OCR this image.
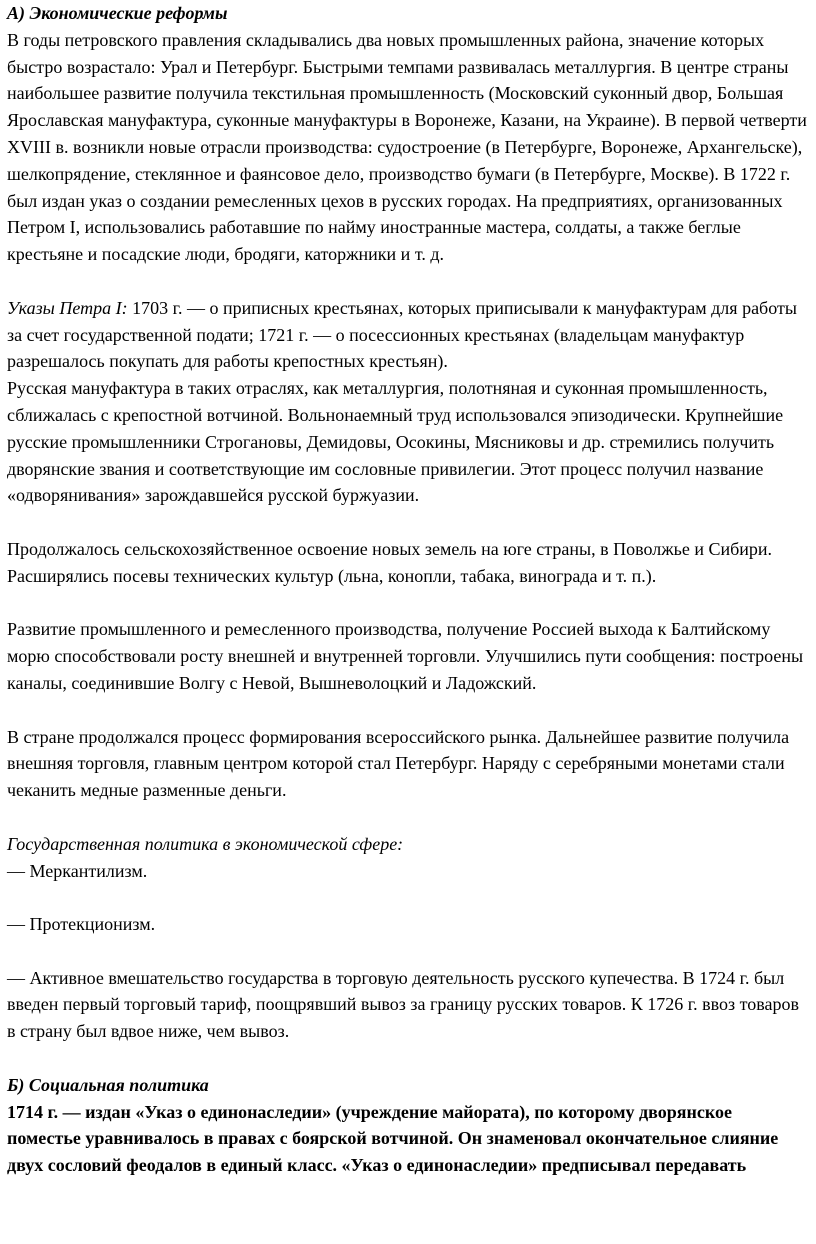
А) Экономические реформы

В годы петровского правления складывались два новых промышленных района, значение которых быстро возрастало: Урал и Петербург. Быстрыми темпами развивалась металлургия. В центре страны наибольшее развитие получила текстильная промышленность (Московский суконный двор, Большая Ярославская мануфактура, суконные мануфактуры в Воронеже, Казани, на Украине). В первой четверти XVIII в. возникли новые отрасли производства: судостроение (в Петербурге, Воронеже, Архангельске), шелкопрядение, стеклянное и фаянсовое дело, производство бумаги (в Петербурге, Москве). В 1722 г. был издан указ о создании ремесленных цехов в русских городах. На предприятиях, организованных Петром I, использовались работавшие по найму иностранные мастера, солдаты, а также беглые крестьяне и посадские люди, бродяги, каторжники и т. д.

Указы Петра I: 1703 г. — о приписных крестьянах, которых приписывали к мануфактурам для работы за счет государственной подати; 1721 г. — о посессионных крестьянах (владельцам мануфактур разрешалось покупать для работы крепостных крестьян).

Русская мануфактура в таких отраслях, как металлургия, полотняная и суконная промышленность, сближалась с крепостной вотчиной. Вольнонаемный труд использовался эпизодически. Крупнейшие русские промышленники Строгановы, Демидовы, Осокины, Мясниковы и др. стремились получить дворянские звания и соответствующие им сословные привилегии. Этот процесс получил название «одворянивания» зарождавшейся русской буржуазии.

Продолжалось сельскохозяйственное освоение новых земель на юге страны, в Поволжье и Сибири. Расширялись посевы технических культур (льна, конопли, табака, винограда и т. п.).

Развитие промышленного и ремесленного производства, получение Россией выхода к Балтийскому морю способствовали росту внешней и внутренней торговли. Улучшились пути сообщения: построены каналы, соединившие Волгу с Невой, Вышневолоцкий и Ладожский.

В стране продолжался процесс формирования всероссийского рынка. Дальнейшее развитие получила внешняя торговля, главным центром которой стал Петербург. Наряду с серебряными монетами стали чеканить медные разменные деньги.

Государственная политика в экономической сфере:

— Меркантилизм.

— Протекционизм.

— Активное вмешательство государства в торговую деятельность русского купечества. В 1724 г. был введен первый торговый тариф, поощрявший вывоз за границу русских товаров. К 1726 г. ввоз товаров в страну был вдвое ниже, чем вывоз.

Б) Социальная политика

1714 г. — издан «Указ о единонаследии» (учреждение майората), по которому дворянское поместье уравнивалось в правах с боярской вотчиной. Он знаменовал окончательное слияние двух сословий феодалов в единый класс. «Указ о единонаследии» предписывал передавать
